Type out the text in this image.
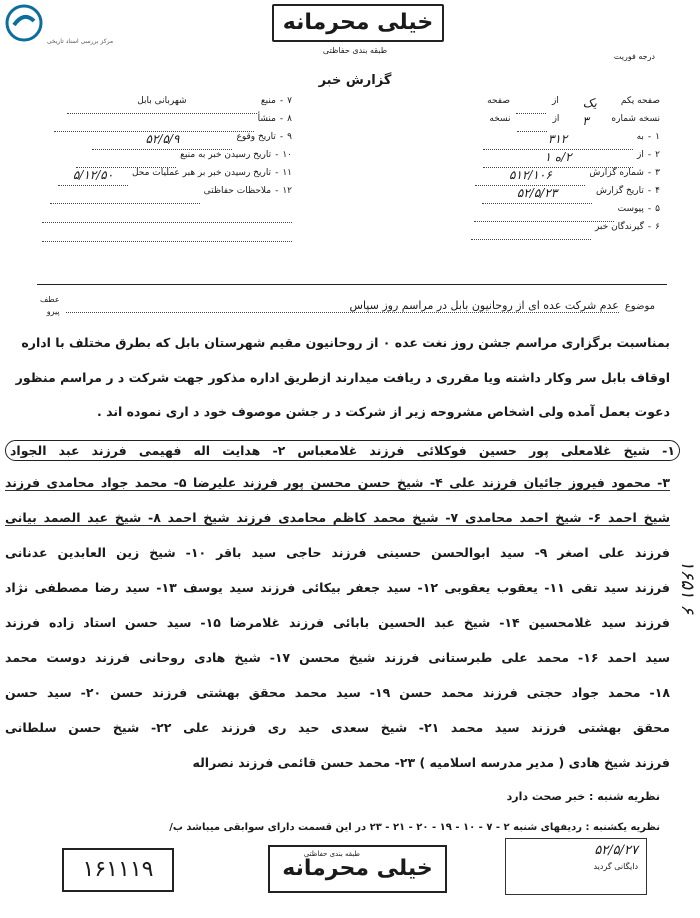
مرکز بررسی اسناد تاریخی
خیلی محرمانه
طبقه بندی حفاظتی
درجه فوریت
گزارش خبر
صفحه یکم
یک
از
صفحه
نسخه شماره
۳
از
نسخه
۱
-
به
۳۱۲
۲
-
از
۲/ه ۱
۳
-
شماره گزارش
۵۱۲/۱۰۶
۴
-
تاریخ گزارش
۵۲/۵/۲۳
۵
-
پیوست
۶
-
گیرندگان خبر
۷
-
منبع
شهربانی بابل
۸
-
منشأ
۹
-
تاریخ وقوع
۵۲/۵/۹
۱۰
-
تاریخ رسیدن خبر به منبع
۱۱
-
تاریخ رسیدن خبر بر هبر عملیات محل
۵/۱۲/۵۰
۱۲
-
ملاحظات حفاظتی
موضوع
عدم شرکت عده ای از روحانیون بابل در مراسم روز سپاس
عطف
پیرو
بمناسبت برگزاری مراسم جشن روز نغت عده ۰ از روحانیون مقیم شهرستان بابل که بطرق مختلف با اداره
اوقاف بابل سر وکار داشته ویا مقرری د ریافت میدارند ازطریق اداره مذکور جهت شرکت د ر مراسم منظور
دعوت بعمل آمده ولی اشخاص مشروحه زیر از شرکت د ر جشن موصوف خود د اری نموده اند .
۱- شیخ غلامعلی پور حسین فوکلائی فرزند غلامعباس ۲- هدایت اله فهیمی فرزند عبد الجواد
۳- محمود فیروز جائیان فرزند علی ۴- شیخ حسن محسن پور فرزند علیرضا ۵- محمد جواد محامدی فرزند
شیخ احمد ۶- شیخ احمد محامدی ۷- شیخ محمد کاظم محامدی فرزند شیخ احمد ۸- شیخ عبد الصمد بیانی
فرزند علی اصغر ۹- سید ابوالحسن حسینی فرزند حاجی سید باقر ۱۰- شیخ زین العابدین عدنانی
فرزند سید تقی ۱۱- یعقوب یعقوبی ۱۲- سید جعفر بیکائی فرزند سید یوسف ۱۳- سید رضا مصطفی نژاد
فرزند سید غلامحسین ۱۴- شیخ عبد الحسین بابائی فرزند غلامرضا ۱۵- سید حسن استاد زاده فرزند
سید احمد ۱۶- محمد علی طبرستانی فرزند شیخ محسن ۱۷- شیخ هادی روحانی فرزند دوست محمد
۱۸- محمد جواد حجتی فرزند محمد حسن ۱۹- سید محمد محقق بهشتی فرزند حسن ۲۰- سید حسن
محقق بهشتی فرزند سید محمد ۲۱- شیخ سعدی حید ری فرزند علی ۲۲- شیخ حسن سلطانی
فرزند شیخ هادی ( مدیر مدرسه اسلامیه ) ۲۳- محمد حسن قائمی فرزند نصراله
نظریه شنبه : خبر صحت دارد
نظریه یکشنبه : ردیفهای شنبه ۲ - ۷ - ۱۰ - ۱۹ - ۲۰ - ۲۱ - ۲۳ در این قسمت دارای سوابقی میباشد ب/
۱۶۱۱۱۹	خیلی محرمانه
طبقه بندی حفاظتی	۵۲/۵/۲۷
دایگانی گردید
۱۶۵۱ ۶
